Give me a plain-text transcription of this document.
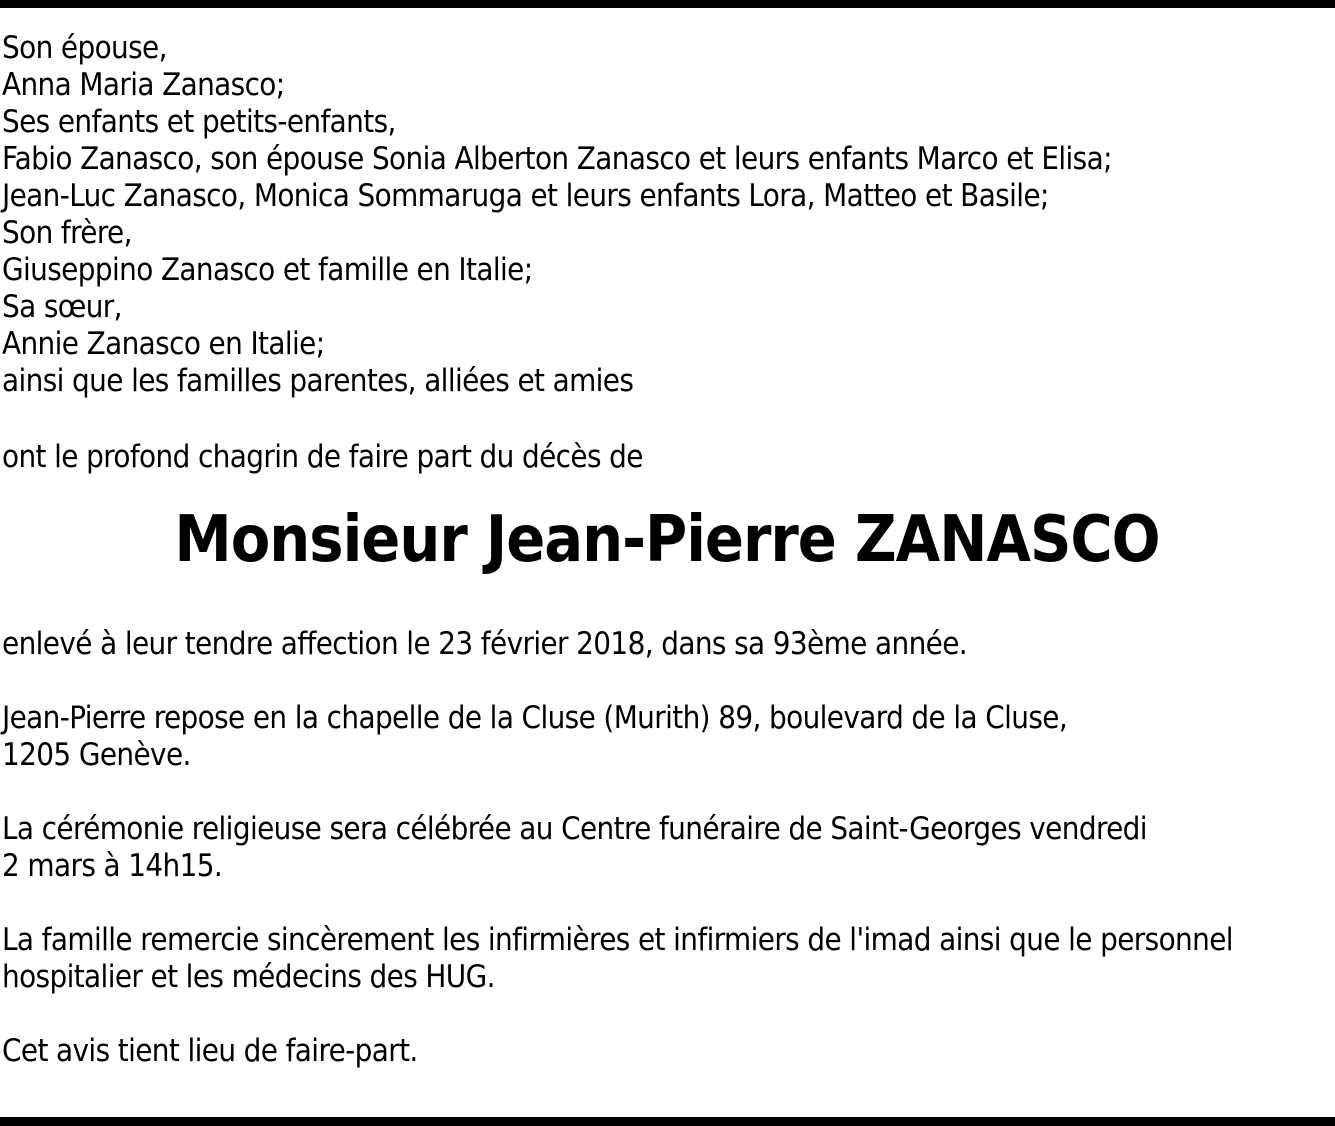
Son épouse,
Anna Maria Zanasco;
Ses enfants et petits-enfants,
Fabio Zanasco, son épouse Sonia Alberton Zanasco et leurs enfants Marco et Elisa;
Jean-Luc Zanasco, Monica Sommaruga et leurs enfants Lora, Matteo et Basile;
Son frère,
Giuseppino Zanasco et famille en Italie;
Sa sœur,
Annie Zanasco en Italie;
ainsi que les familles parentes, alliées et amies
ont le profond chagrin de faire part du décès de
Monsieur Jean-Pierre ZANASCO
enlevé à leur tendre affection le 23 février 2018, dans sa 93ème année.
Jean-Pierre repose en la chapelle de la Cluse (Murith) 89, boulevard de la Cluse,
1205 Genève.
La cérémonie religieuse sera célébrée au Centre funéraire de Saint-Georges vendredi
2 mars à 14h15.
La famille remercie sincèrement les infirmières et infirmiers de l'imad ainsi que le personnel
hospitalier et les médecins des HUG.
Cet avis tient lieu de faire-part.
